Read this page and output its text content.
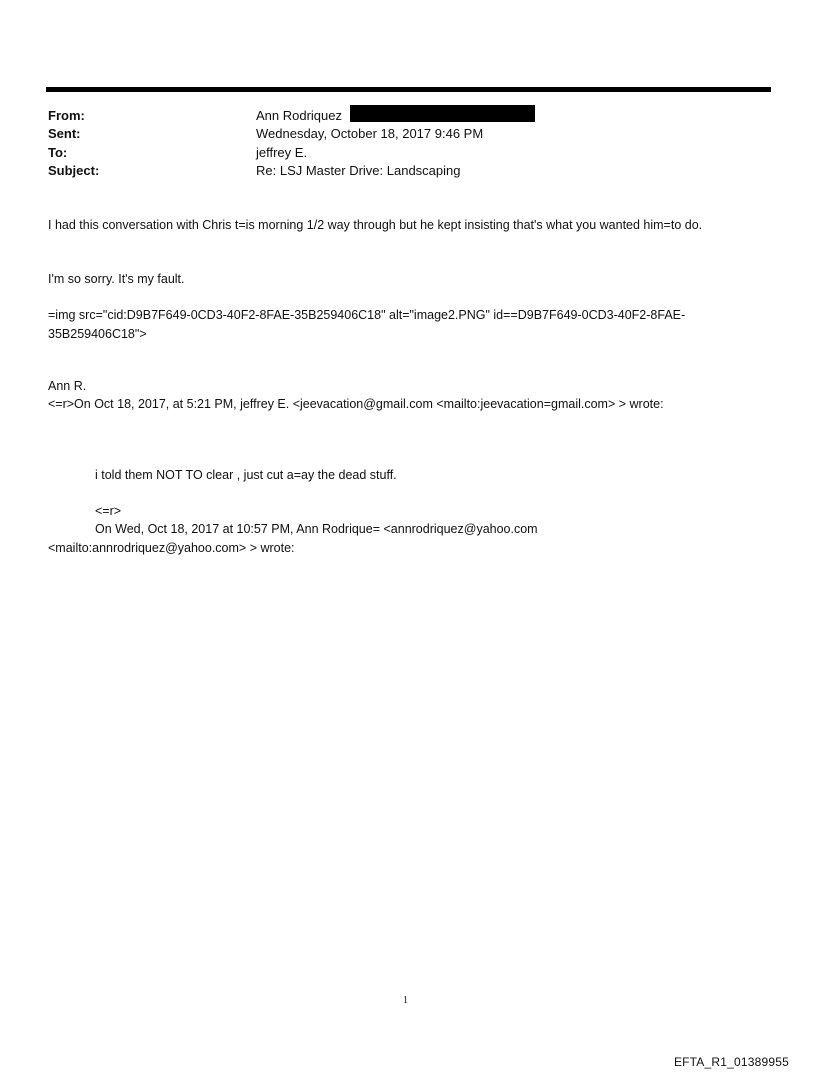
From:	Ann Rodriquez
Sent:	Wednesday, October 18, 2017 9:46 PM
To:	jeffrey E.
Subject:	Re: LSJ Master Drive: Landscaping
I had this conversation with Chris t=is morning 1/2 way through but he kept insisting that's what you wanted him=to do.
I'm so sorry. It's my fault.
=img src="cid:D9B7F649-0CD3-40F2-8FAE-35B259406C18" alt="image2.PNG" id==D9B7F649-0CD3-40F2-8FAE-
35B259406C18">
Ann R.
<=r>On Oct 18, 2017, at 5:21 PM, jeffrey E. <jeevacation@gmail.com <mailto:jeevacation=gmail.com> > wrote:
i told them NOT TO clear , just cut a=ay the dead stuff.
<=r>
On Wed, Oct 18, 2017 at 10:57 PM, Ann Rodrique= <annrodriquez@yahoo.com
<mailto:annrodriquez@yahoo.com> > wrote:
1
EFTA_R1_01389955
